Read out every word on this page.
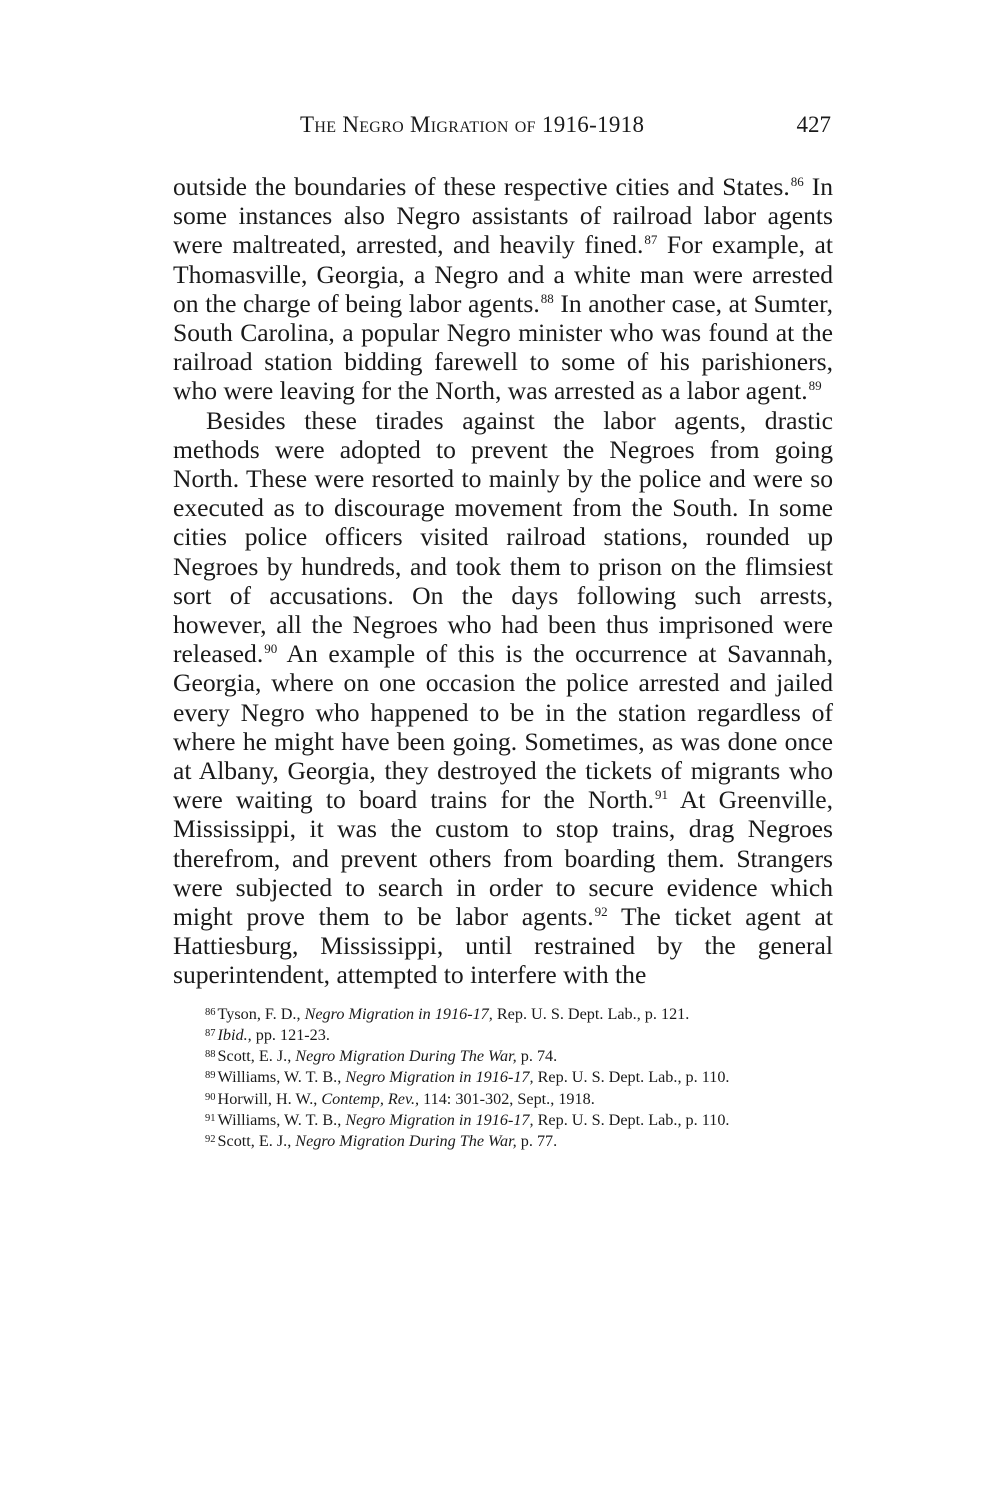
The Negro Migration of 1916-1918	427

outside the boundaries of these respective cities and States.$^{86}$ In some instances also Negro assistants of railroad labor agents were maltreated, arrested, and heavily fined.$^{87}$ For example, at Thomasville, Georgia, a Negro and a white man were arrested on the charge of being labor agents.$^{88}$ In another case, at Sumter, South Carolina, a popular Negro minister who was found at the railroad station bidding farewell to some of his parishioners, who were leaving for the North, was arrested as a labor agent.$^{89}$

Besides these tirades against the labor agents, drastic methods were adopted to prevent the Negroes from going North. These were resorted to mainly by the police and were so executed as to discourage movement from the South. In some cities police officers visited railroad stations, rounded up Negroes by hundreds, and took them to prison on the flimsiest sort of accusations. On the days following such arrests, however, all the Negroes who had been thus imprisoned were released.$^{90}$ An example of this is the occurrence at Savannah, Georgia, where on one occasion the police arrested and jailed every Negro who happened to be in the station regardless of where he might have been going. Sometimes, as was done once at Albany, Georgia, they destroyed the tickets of migrants who were waiting to board trains for the North.$^{91}$ At Greenville, Mississippi, it was the custom to stop trains, drag Negroes therefrom, and prevent others from boarding them. Strangers were subjected to search in order to secure evidence which might prove them to be labor agents.$^{92}$ The ticket agent at Hattiesburg, Mississippi, until restrained by the general superintendent, attempted to interfere with the

$^{86}$ Tyson, F. D., Negro Migration in 1916-17, Rep. U. S. Dept. Lab., p. 121.

$^{87}$ Ibid., pp. 121-23.

$^{88}$ Scott, E. J., Negro Migration During The War, p. 74.

$^{89}$ Williams, W. T. B., Negro Migration in 1916-17, Rep. U. S. Dept. Lab., p. 110.

$^{90}$ Horwill, H. W., Contemp, Rev., 114: 301-302, Sept., 1918.

$^{91}$ Williams, W. T. B., Negro Migration in 1916-17, Rep. U. S. Dept. Lab., p. 110.

$^{92}$ Scott, E. J., Negro Migration During The War, p. 77.
